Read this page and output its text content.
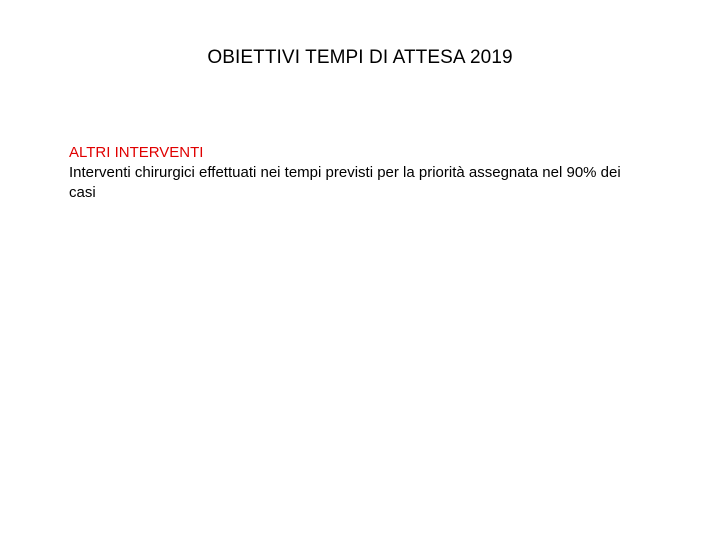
OBIETTIVI TEMPI DI ATTESA 2019
ALTRI INTERVENTI
Interventi chirurgici effettuati nei tempi previsti per la priorità assegnata nel 90% dei casi
